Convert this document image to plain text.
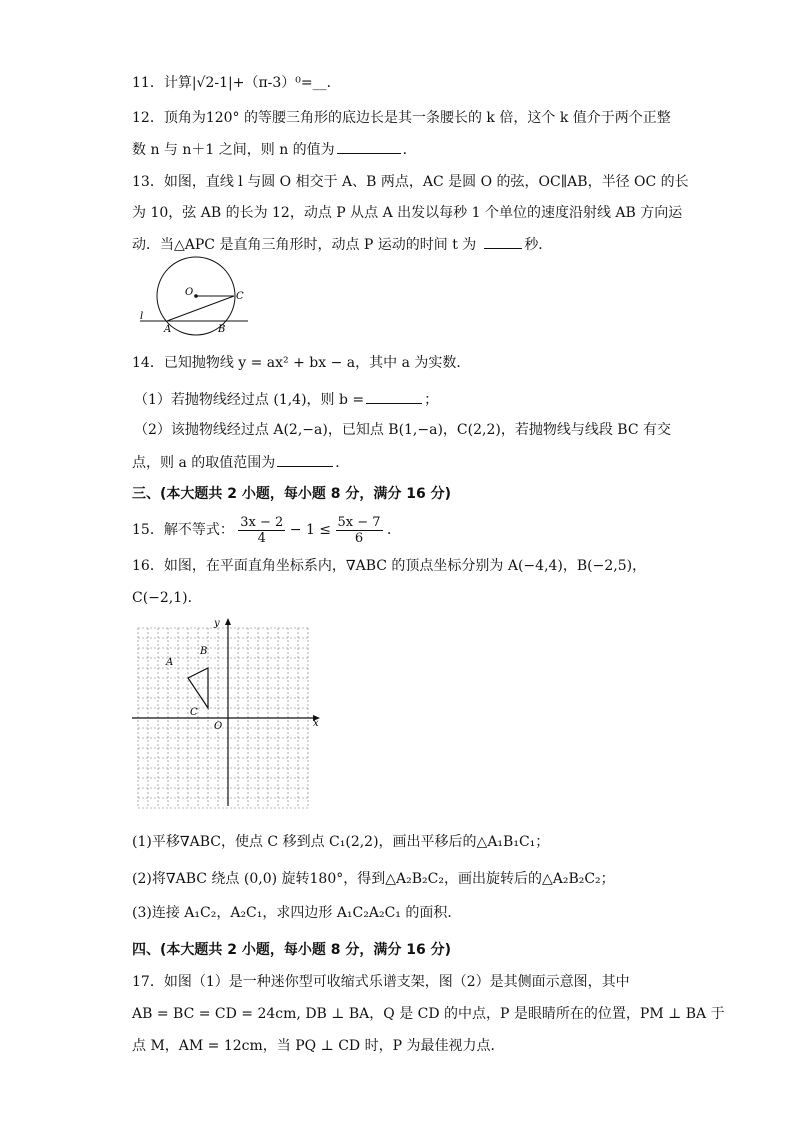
11．计算|√2-1|+（π-3）⁰=__．
12．顶角为120° 的等腰三角形的底边长是其一条腰长的 k 倍，这个 k 值介于两个正整
数 n 与 n＋1 之间，则 n 的值为	．
13．如图，直线 l 与圆 O 相交于 A、B 两点，AC 是圆 O 的弦，OC∥AB，半径 OC 的长
为 10，弦 AB 的长为 12，动点 P 从点 A 出发以每秒 1 个单位的速度沿射线 AB 方向运
动．当△APC 是直角三角形时，动点 P 运动的时间 t 为	秒．
O	C
l
A	B
14．已知抛物线 y = ax² + bx − a，其中 a 为实数．
（1）若抛物线经过点 (1,4)，则 b =	；
（2）该抛物线经过点 A(2,−a)，已知点 B(1,−a)，C(2,2)，若抛物线与线段 BC 有交
点，则 a 的取值范围为	．
三、(本大题共 2 小题，每小题 8 分，满分 16 分)
15．解不等式： $\frac{3x - 2}{4} - 1 \le \frac{5x - 7}{6}$ ．
16．如图，在平面直角坐标系内，∇ABC 的顶点坐标分别为 A(−4,4)，B(−2,5)，
C(−2,1)．
x
y
O
A
B
C
(1)平移∇ABC，使点 C 移到点 C₁(2,2)，画出平移后的△A₁B₁C₁；
(2)将∇ABC 绕点 (0,0) 旋转180°，得到△A₂B₂C₂，画出旋转后的△A₂B₂C₂；
(3)连接 A₁C₂，A₂C₁，求四边形 A₁C₂A₂C₁ 的面积．
四、(本大题共 2 小题，每小题 8 分，满分 16 分)
17．如图（1）是一种迷你型可收缩式乐谱支架，图（2）是其侧面示意图，其中
AB = BC = CD = 24cm, DB ⊥ BA，Q 是 CD 的中点，P 是眼睛所在的位置，PM ⊥ BA 于
点 M，AM = 12cm，当 PQ ⊥ CD 时，P 为最佳视力点．
